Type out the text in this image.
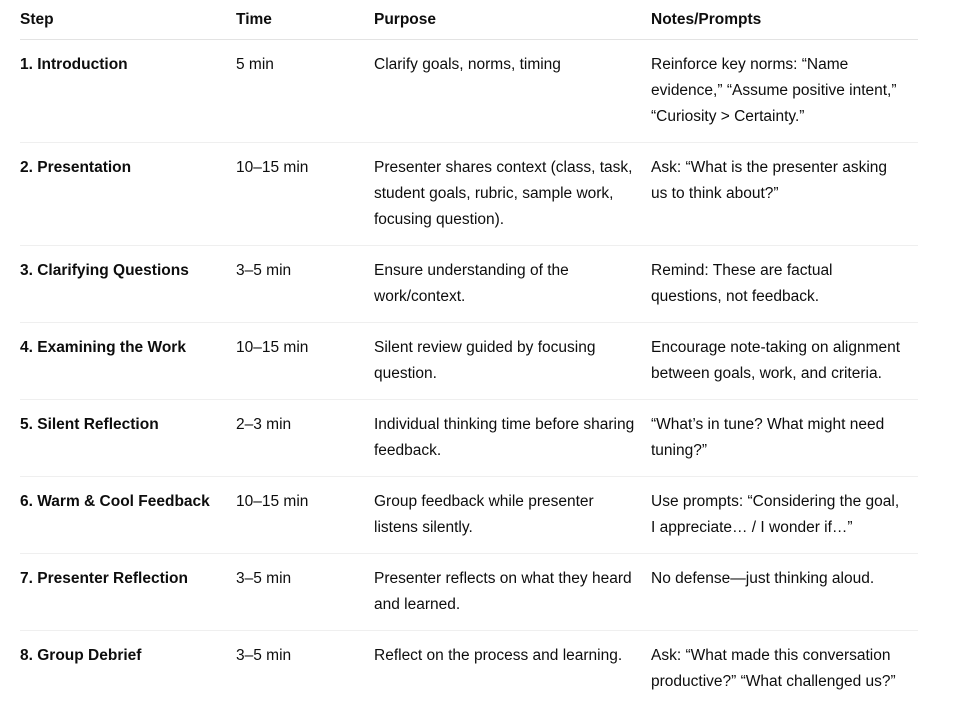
Step	Time	Purpose	Notes/Prompts
1. Introduction	5 min	Clarify goals, norms, timing	Reinforce key norms: “Name evidence,” “Assume positive intent,” “Curiosity > Certainty.”
2. Presentation	10–15 min	Presenter shares context (class, task, student goals, rubric, sample work, focusing question).	Ask: “What is the presenter asking us to think about?”
3. Clarifying Questions	3–5 min	Ensure understanding of the work/context.	Remind: These are factual questions, not feedback.
4. Examining the Work	10–15 min	Silent review guided by focusing question.	Encourage note-taking on alignment between goals, work, and criteria.
5. Silent Reflection	2–3 min	Individual thinking time before sharing feedback.	“What’s in tune? What might need tuning?”
6. Warm & Cool Feedback	10–15 min	Group feedback while presenter listens silently.	Use prompts: “Considering the goal, I appreciate… / I wonder if…”
7. Presenter Reflection	3–5 min	Presenter reflects on what they heard and learned.	No defense—just thinking aloud.
8. Group Debrief	3–5 min	Reflect on the process and learning.	Ask: “What made this conversation productive?” “What challenged us?”
